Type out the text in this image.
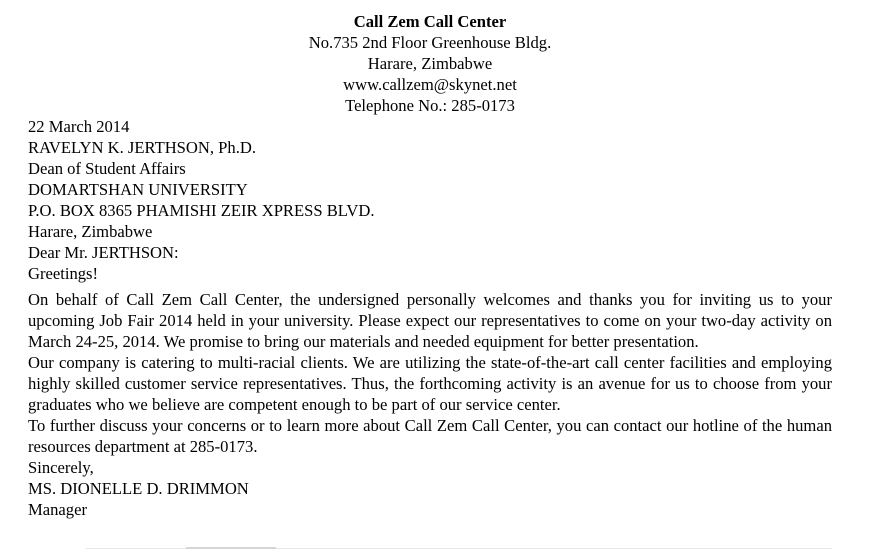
Call Zem Call Center
No.735 2nd Floor Greenhouse Bldg.
Harare, Zimbabwe
www.callzem@skynet.net
Telephone No.: 285-0173
22 March 2014
RAVELYN K. JERTHSON, Ph.D.
Dean of Student Affairs
DOMARTSHAN UNIVERSITY
P.O. BOX 8365 PHAMISHI ZEIR XPRESS BLVD.
Harare, Zimbabwe
Dear Mr. JERTHSON:

Greetings!

On behalf of Call Zem Call Center, the undersigned personally welcomes and thanks you for inviting us to your upcoming Job Fair 2014 held in your university. Please expect our representatives to come on your two-day activity on March 24-25, 2014. We promise to bring our materials and needed equipment for better presentation.

Our company is catering to multi-racial clients. We are utilizing the state-of-the-art call center facilities and employing highly skilled customer service representatives. Thus, the forthcoming activity is an avenue for us to choose from your graduates who we believe are competent enough to be part of our service center.

To further discuss your concerns or to learn more about Call Zem Call Center, you can contact our hotline of the human resources department at 285-0173.

Sincerely,
MS. DIONELLE D. DRIMMON
Manager
